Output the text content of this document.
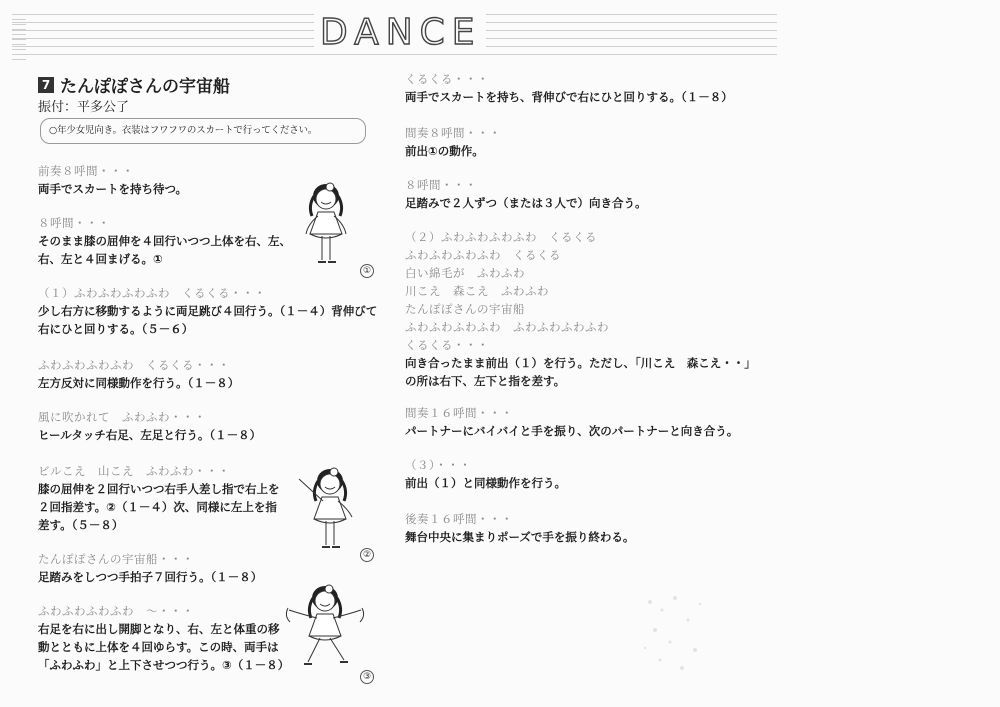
DANCE
7 たんぽぽさんの宇宙船
振付：平多公了
○年少女児向き。衣装はフワフワのスカートで行ってください。
前奏８呼間・・・
両手でスカートを持ち待つ。
８呼間・・・
そのまま膝の屈伸を４回行いつつ上体を右、左、
右、左と４回まげる。①
（１）ふわふわふわふわ　くるくる・・・
少し右方に移動するように両足跳び４回行う。（１－４）背伸びて
右にひと回りする。（５－６）
ふわふわふわふわ　くるくる・・・
左方反対に同様動作を行う。（１－８）
風に吹かれて　ふわふわ・・・
ヒールタッチ右足、左足と行う。（１－８）
ビルこえ　山こえ　ふわふわ・・・
膝の屈伸を２回行いつつ右手人差し指で右上を
２回指差す。②（１－４）次、同様に左上を指
差す。（５－８）
たんぽぽさんの宇宙船・・・
足踏みをしつつ手拍子７回行う。（１－８）
ふわふわふわふわ　～・・・
右足を右に出し開脚となり、右、左と体重の移
動とともに上体を４回ゆらす。この時、両手は
「ふわふわ」と上下させつつ行う。③（１－８）
①
②
③
くるくる・・・
両手でスカートを持ち、背伸びで右にひと回りする。（１－８）
間奏８呼間・・・
前出①の動作。
８呼間・・・
足踏みで２人ずつ（または３人で）向き合う。
（２）ふわふわふわふわ　くるくる
ふわふわふわふわ　くるくる
白い綿毛が　ふわふわ
川こえ　森こえ　ふわふわ
たんぽぽさんの宇宙船
ふわふわふわふわ　ふわふわふわふわ
くるくる・・・
向き合ったまま前出（１）を行う。ただし、「川こえ　森こえ・・」
の所は右下、左下と指を差す。
間奏１６呼間・・・
パートナーにバイバイと手を振り、次のパートナーと向き合う。
（３）・・・
前出（１）と同様動作を行う。
後奏１６呼間・・・
舞台中央に集まりポーズで手を振り終わる。
